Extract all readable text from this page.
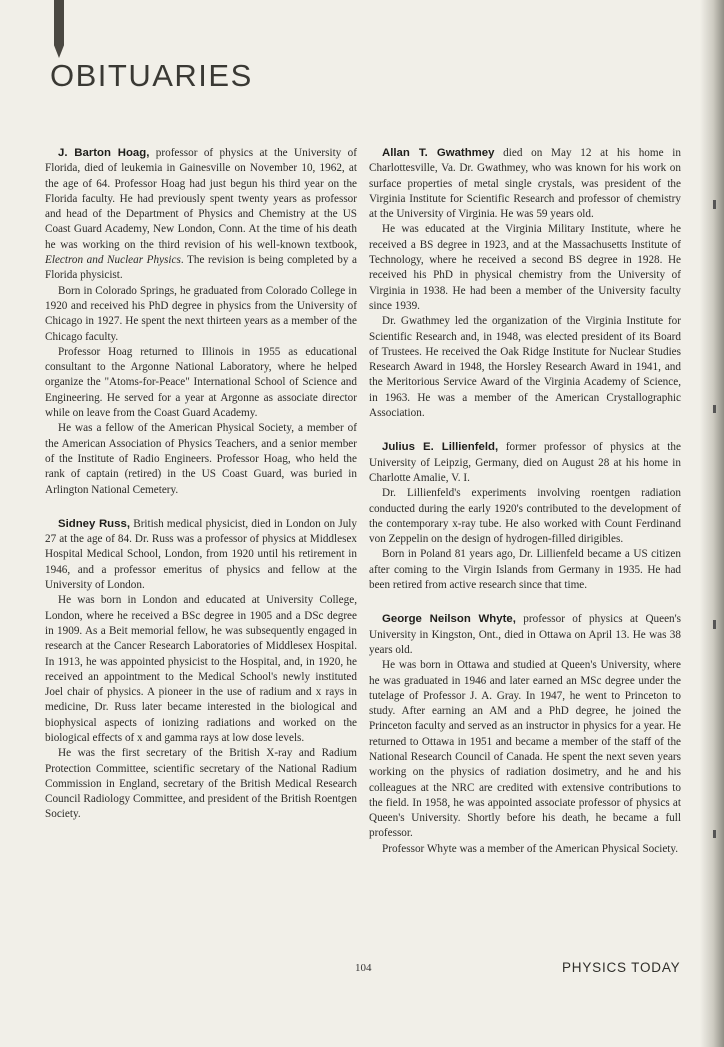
OBITUARIES

J. Barton Hoag, professor of physics at the University of Florida, died of leukemia in Gainesville on November 10, 1962, at the age of 64. Professor Hoag had just begun his third year on the Florida faculty. He had previously spent twenty years as professor and head of the Department of Physics and Chemistry at the US Coast Guard Academy, New London, Conn. At the time of his death he was working on the third revision of his well-known textbook, Electron and Nuclear Physics. The revision is being completed by a Florida physicist.

Born in Colorado Springs, he graduated from Colorado College in 1920 and received his PhD degree in physics from the University of Chicago in 1927. He spent the next thirteen years as a member of the Chicago faculty.

Professor Hoag returned to Illinois in 1955 as educational consultant to the Argonne National Laboratory, where he helped organize the "Atoms-for-Peace" International School of Science and Engineering. He served for a year at Argonne as associate director while on leave from the Coast Guard Academy.

He was a fellow of the American Physical Society, a member of the American Association of Physics Teachers, and a senior member of the Institute of Radio Engineers. Professor Hoag, who held the rank of captain (retired) in the US Coast Guard, was buried in Arlington National Cemetery.

Sidney Russ, British medical physicist, died in London on July 27 at the age of 84. Dr. Russ was a professor of physics at Middlesex Hospital Medical School, London, from 1920 until his retirement in 1946, and a professor emeritus of physics and fellow at the University of London.

He was born in London and educated at University College, London, where he received a BSc degree in 1905 and a DSc degree in 1909. As a Beit memorial fellow, he was subsequently engaged in research at the Cancer Research Laboratories of Middlesex Hospital. In 1913, he was appointed physicist to the Hospital, and, in 1920, he received an appointment to the Medical School's newly instituted Joel chair of physics. A pioneer in the use of radium and x rays in medicine, Dr. Russ later became interested in the biological and biophysical aspects of ionizing radiations and worked on the biological effects of x and gamma rays at low dose levels.

He was the first secretary of the British X-ray and Radium Protection Committee, scientific secretary of the National Radium Commission in England, secretary of the British Medical Research Council Radiology Committee, and president of the British Roentgen Society.

Allan T. Gwathmey died on May 12 at his home in Charlottesville, Va. Dr. Gwathmey, who was known for his work on surface properties of metal single crystals, was president of the Virginia Institute for Scientific Research and professor of chemistry at the University of Virginia. He was 59 years old.

He was educated at the Virginia Military Institute, where he received a BS degree in 1923, and at the Massachusetts Institute of Technology, where he received a second BS degree in 1928. He received his PhD in physical chemistry from the University of Virginia in 1938. He had been a member of the University faculty since 1939.

Dr. Gwathmey led the organization of the Virginia Institute for Scientific Research and, in 1948, was elected president of its Board of Trustees. He received the Oak Ridge Institute for Nuclear Studies Research Award in 1948, the Horsley Research Award in 1941, and the Meritorious Service Award of the Virginia Academy of Science, in 1963. He was a member of the American Crystallographic Association.

Julius E. Lillienfeld, former professor of physics at the University of Leipzig, Germany, died on August 28 at his home in Charlotte Amalie, V. I.

Dr. Lillienfeld's experiments involving roentgen radiation conducted during the early 1920's contributed to the development of the contemporary x-ray tube. He also worked with Count Ferdinand von Zeppelin on the design of hydrogen-filled dirigibles.

Born in Poland 81 years ago, Dr. Lillienfeld became a US citizen after coming to the Virgin Islands from Germany in 1935. He had been retired from active research since that time.

George Neilson Whyte, professor of physics at Queen's University in Kingston, Ont., died in Ottawa on April 13. He was 38 years old.

He was born in Ottawa and studied at Queen's University, where he was graduated in 1946 and later earned an MSc degree under the tutelage of Professor J. A. Gray. In 1947, he went to Princeton to study. After earning an AM and a PhD degree, he joined the Princeton faculty and served as an instructor in physics for a year. He returned to Ottawa in 1951 and became a member of the staff of the National Research Council of Canada. He spent the next seven years working on the physics of radiation dosimetry, and he and his colleagues at the NRC are credited with extensive contributions to the field. In 1958, he was appointed associate professor of physics at Queen's University. Shortly before his death, he became a full professor.

Professor Whyte was a member of the American Physical Society.

104	PHYSICS TODAY
